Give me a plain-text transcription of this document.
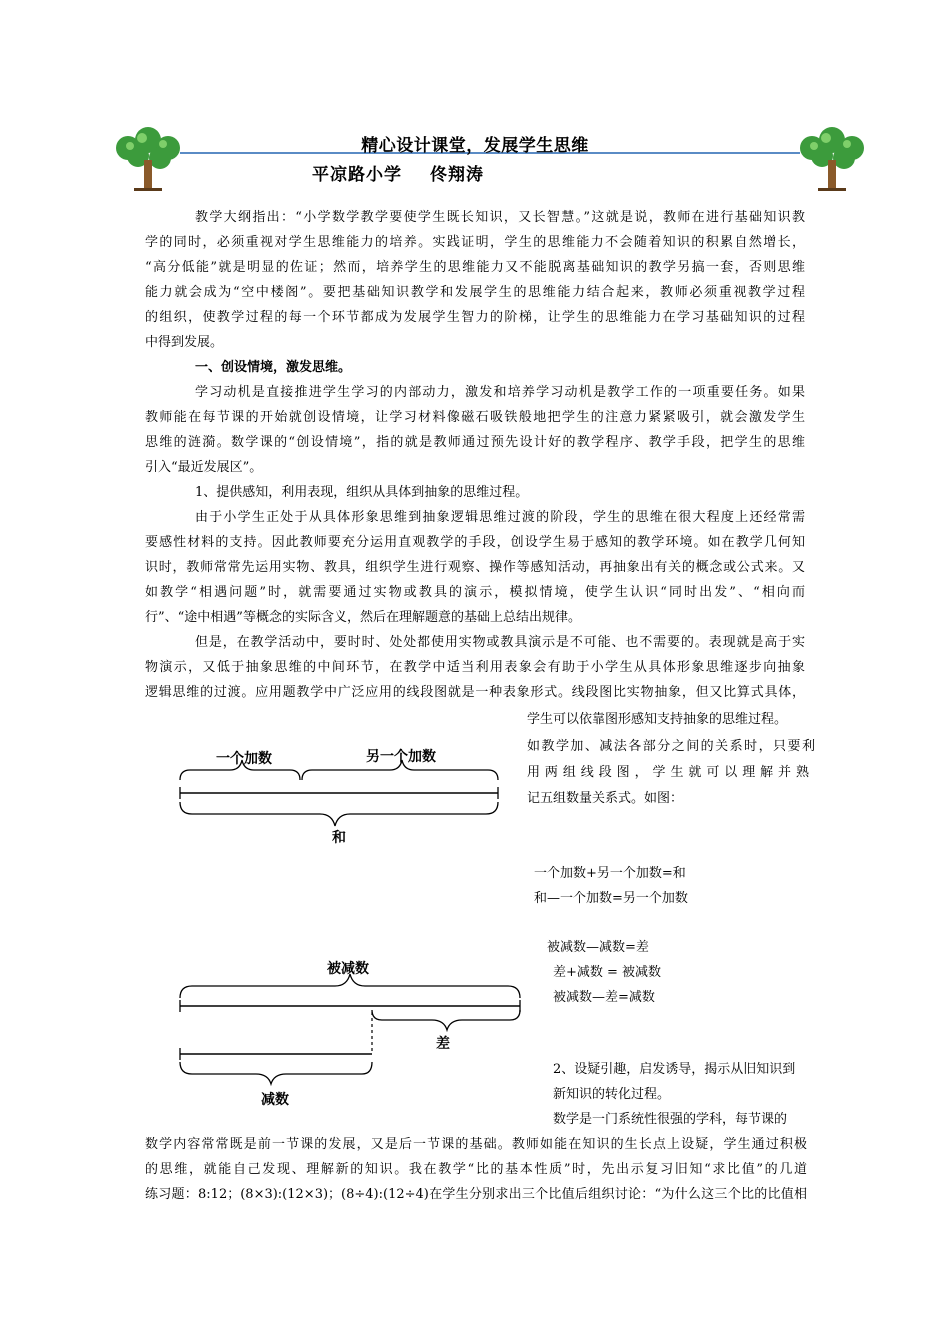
精心设计课堂，发展学生思维
平凉路小学 佟翔涛
教学大纲指出：“小学数学教学要使学生既长知识，又长智慧。”这就是说，教师在进行基础知识教
学的同时，必须重视对学生思维能力的培养。实践证明，学生的思维能力不会随着知识的积累自然增长，
“高分低能”就是明显的佐证；然而，培养学生的思维能力又不能脱离基础知识的教学另搞一套，否则思维
能力就会成为“空中楼阁”。要把基础知识教学和发展学生的思维能力结合起来，教师必须重视教学过程
的组织，使教学过程的每一个环节都成为发展学生智力的阶梯，让学生的思维能力在学习基础知识的过程
中得到发展。
一、创设情境，激发思维。
学习动机是直接推进学生学习的内部动力，激发和培养学习动机是教学工作的一项重要任务。如果
教师能在每节课的开始就创设情境，让学习材料像磁石吸铁般地把学生的注意力紧紧吸引，就会激发学生
思维的涟漪。数学课的“创设情境”，指的就是教师通过预先设计好的教学程序、教学手段，把学生的思维
引入“最近发展区”。
1、提供感知，利用表现，组织从具体到抽象的思维过程。
由于小学生正处于从具体形象思维到抽象逻辑思维过渡的阶段，学生的思维在很大程度上还经常需
要感性材料的支持。因此教师要充分运用直观教学的手段，创设学生易于感知的教学环境。如在教学几何知
识时，教师常常先运用实物、教具，组织学生进行观察、操作等感知活动，再抽象出有关的概念或公式来。又
如教学“相遇问题”时，就需要通过实物或教具的演示，模拟情境，使学生认识“同时出发”、“相向而
行”、“途中相遇”等概念的实际含义，然后在理解题意的基础上总结出规律。
但是，在教学活动中，要时时、处处都使用实物或教具演示是不可能、也不需要的。表现就是高于实
物演示，又低于抽象思维的中间环节，在教学中适当利用表象会有助于小学生从具体形象思维逐步向抽象
逻辑思维的过渡。应用题教学中广泛应用的线段图就是一种表象形式。线段图比实物抽象，但又比算式具体，
学生可以依靠图形感知支持抽象的思维过程。
如教学加、减法各部分之间的关系时，只要利
用两组线段图，学生就可以理解并熟
记五组数量关系式。如图：
一个加数	另一个加数
和
一个加数+另一个加数=和
和—一个加数=另一个加数
被减数—减数=差
差+减数 = 被减数
被减数—差=减数
被减数
差
减数
2、设疑引趣，启发诱导，揭示从旧知识到
新知识的转化过程。
数学是一门系统性很强的学科，每节课的
数学内容常常既是前一节课的发展，又是后一节课的基础。教师如能在知识的生长点上设疑，学生通过积极
的思维，就能自己发现、理解新的知识。我在教学“比的基本性质”时，先出示复习旧知“求比值”的几道
练习题：8:12；(8×3):(12×3)；(8÷4):(12÷4)在学生分别求出三个比值后组织讨论：“为什么这三个比的比值相
